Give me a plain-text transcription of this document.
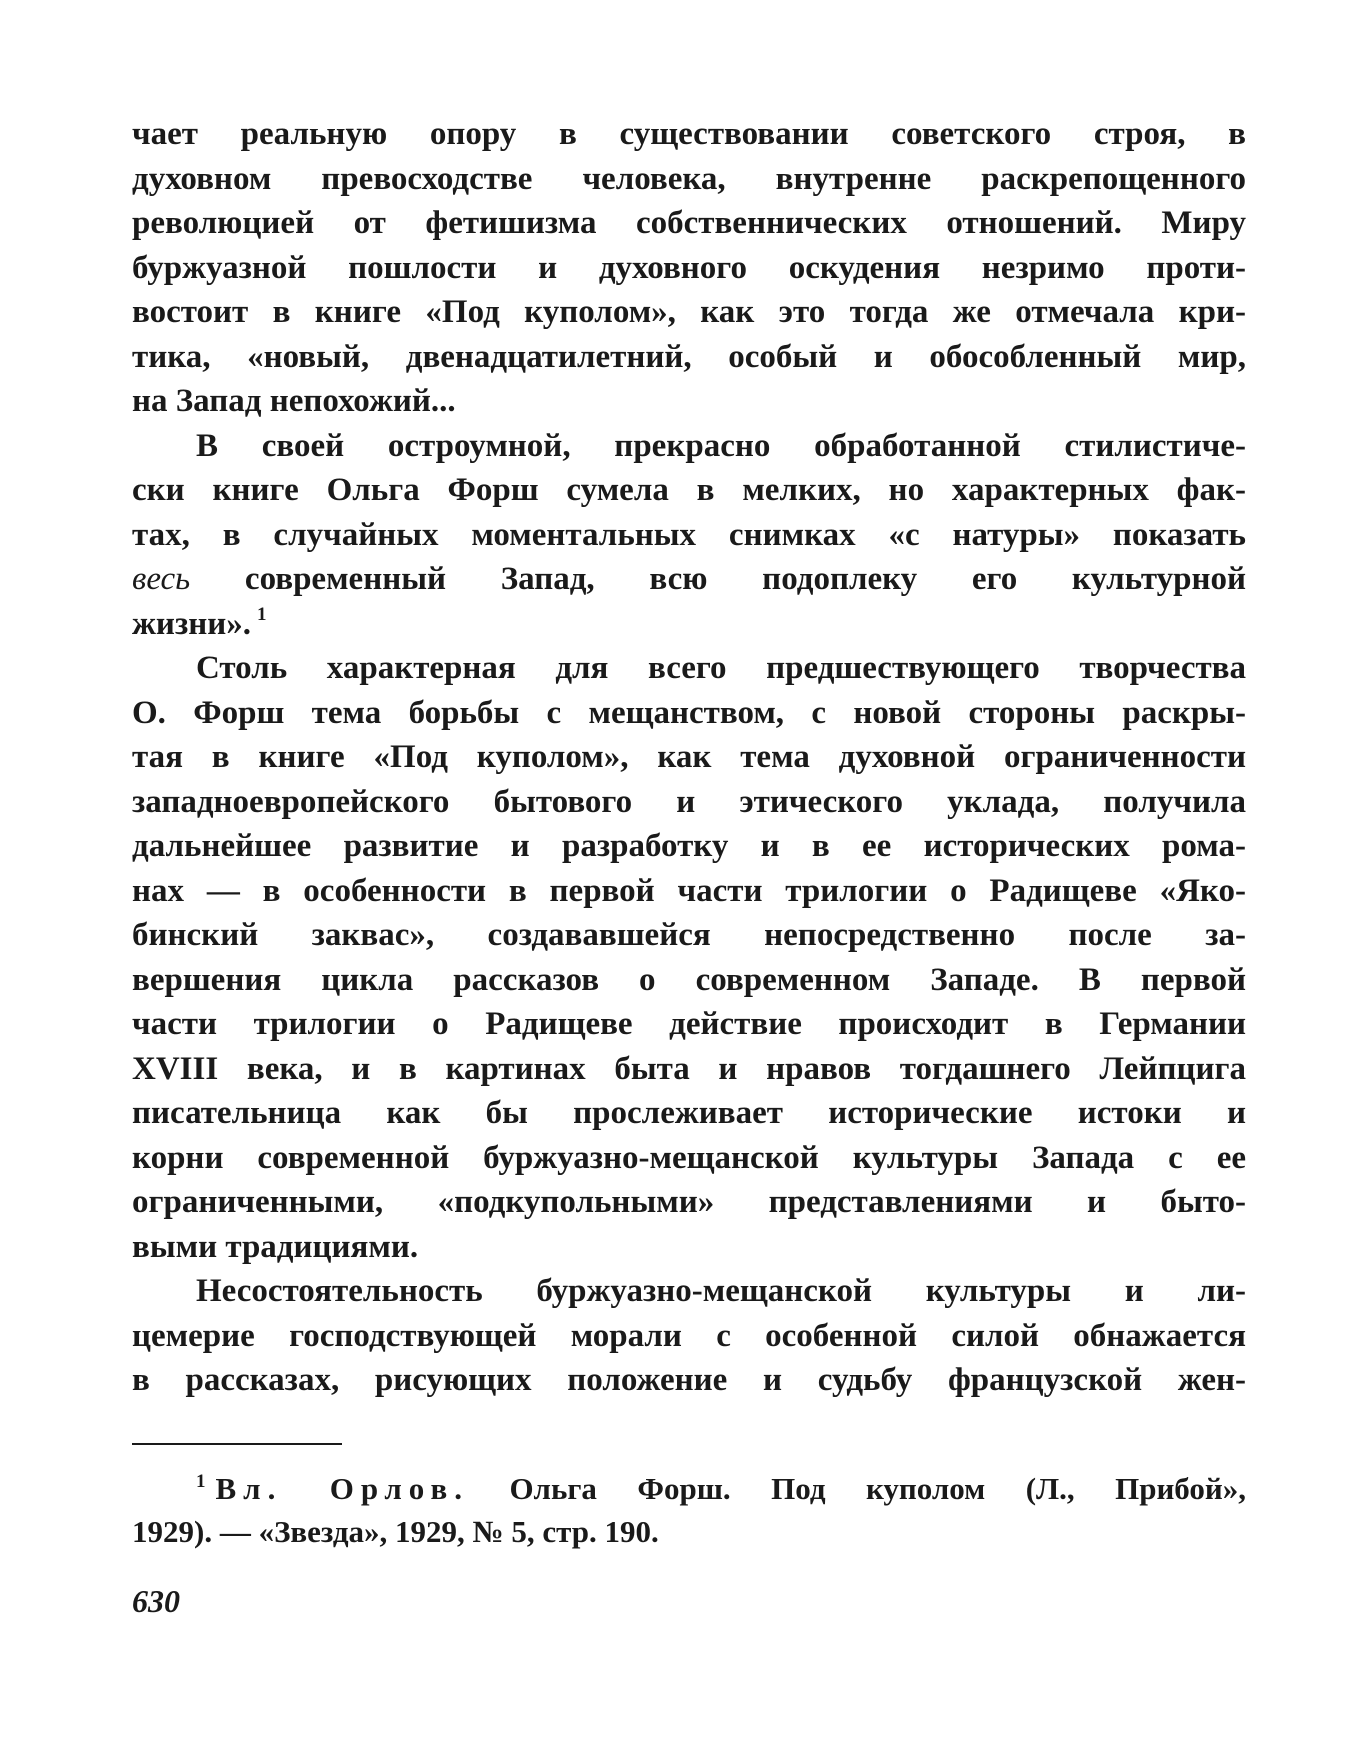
чает реальную опору в существовании советского строя, в
духовном превосходстве человека, внутренне раскрепощенного
революцией от фетишизма собственнических отношений. Миру
буржуазной пошлости и духовного оскудения незримо проти-
востоит в книге «Под куполом», как это тогда же отмечала кри-
тика, «новый, двенадцатилетний, особый и обособленный мир,
на Запад непохожий...
В своей остроумной, прекрасно обработанной стилистиче-
ски книге Ольга Форш сумела в мелких, но характерных фак-
тах, в случайных моментальных снимках «с натуры» показать
весь современный Запад, всю подоплеку его культурной
жизни». $^1$
Столь характерная для всего предшествующего творчества
О. Форш тема борьбы с мещанством, с новой стороны раскры-
тая в книге «Под куполом», как тема духовной ограниченности
западноевропейского бытового и этического уклада, получила
дальнейшее развитие и разработку и в ее исторических рома-
нах — в особенности в первой части трилогии о Радищеве «Яко-
бинский заквас», создававшейся непосредственно после за-
вершения цикла рассказов о современном Западе. В первой
части трилогии о Радищеве действие происходит в Германии
XVIII века, и в картинах быта и нравов тогдашнего Лейпцига
писательница как бы прослеживает исторические истоки и
корни современной буржуазно-мещанской культуры Запада с ее
ограниченными, «подкупольными» представлениями и быто-
выми традициями.
Несостоятельность буржуазно-мещанской культуры и ли-
цемерие господствующей морали с особенной силой обнажается
в рассказах, рисующих положение и судьбу французской жен-
$^1$ Вл. Орлов. Ольга Форш. Под куполом (Л., Прибой»,
1929). — «Звезда», 1929, № 5, стр. 190.
630
